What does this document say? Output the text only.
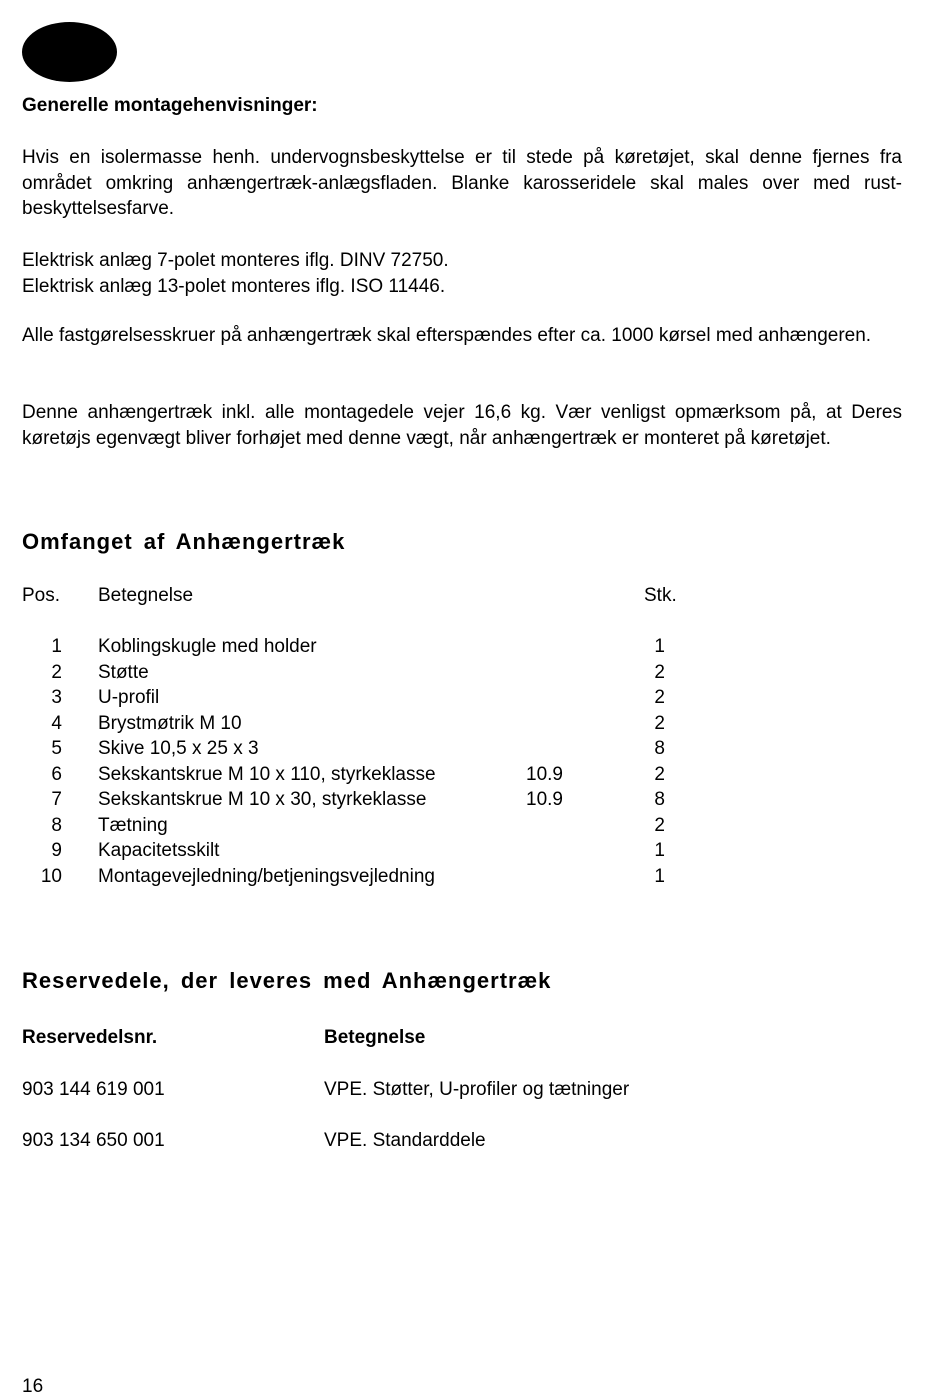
Generelle montagehenvisninger:

Hvis en isolermasse henh. undervognsbeskyttelse er til stede på køretøjet, skal denne fjernes fra området omkring anhængertræk-anlægsfladen. Blanke karosseridele skal males over med rust-beskyttelsesfarve.

Elektrisk anlæg 7-polet monteres iflg. DINV 72750.

Elektrisk anlæg 13-polet monteres iflg. ISO 11446.

Alle fastgørelsesskruer på anhængertræk skal efterspændes efter ca. 1000 kørsel med anhængeren.

Denne anhængertræk inkl. alle montagedele vejer 16,6 kg. Vær venligst opmærksom på, at Deres køretøjs egenvægt bliver forhøjet med denne vægt, når anhængertræk er monteret på køretøjet.

Omfanget af Anhængertræk
Pos. Betegnelse	Stk.
1 Koblingskugle med holder	1
2 Støtte	2
3 U-profil	2
4 Brystmøtrik M 10	2
5 Skive 10,5 x 25 x 3	8
6 Sekskantskrue M 10 x 110, styrkeklasse	10.9	2
7 Sekskantskrue M 10 x 30, styrkeklasse	10.9	8
8 Tætning	2
9 Kapacitetsskilt	1
10 Montagevejledning/betjeningsvejledning	1
Reservedele, der leveres med Anhængertræk
Reservedelsnr.	Betegnelse
903 144 619 001	VPE. Støtter, U-profiler og tætninger
903 134 650 001	VPE. Standarddele
16
